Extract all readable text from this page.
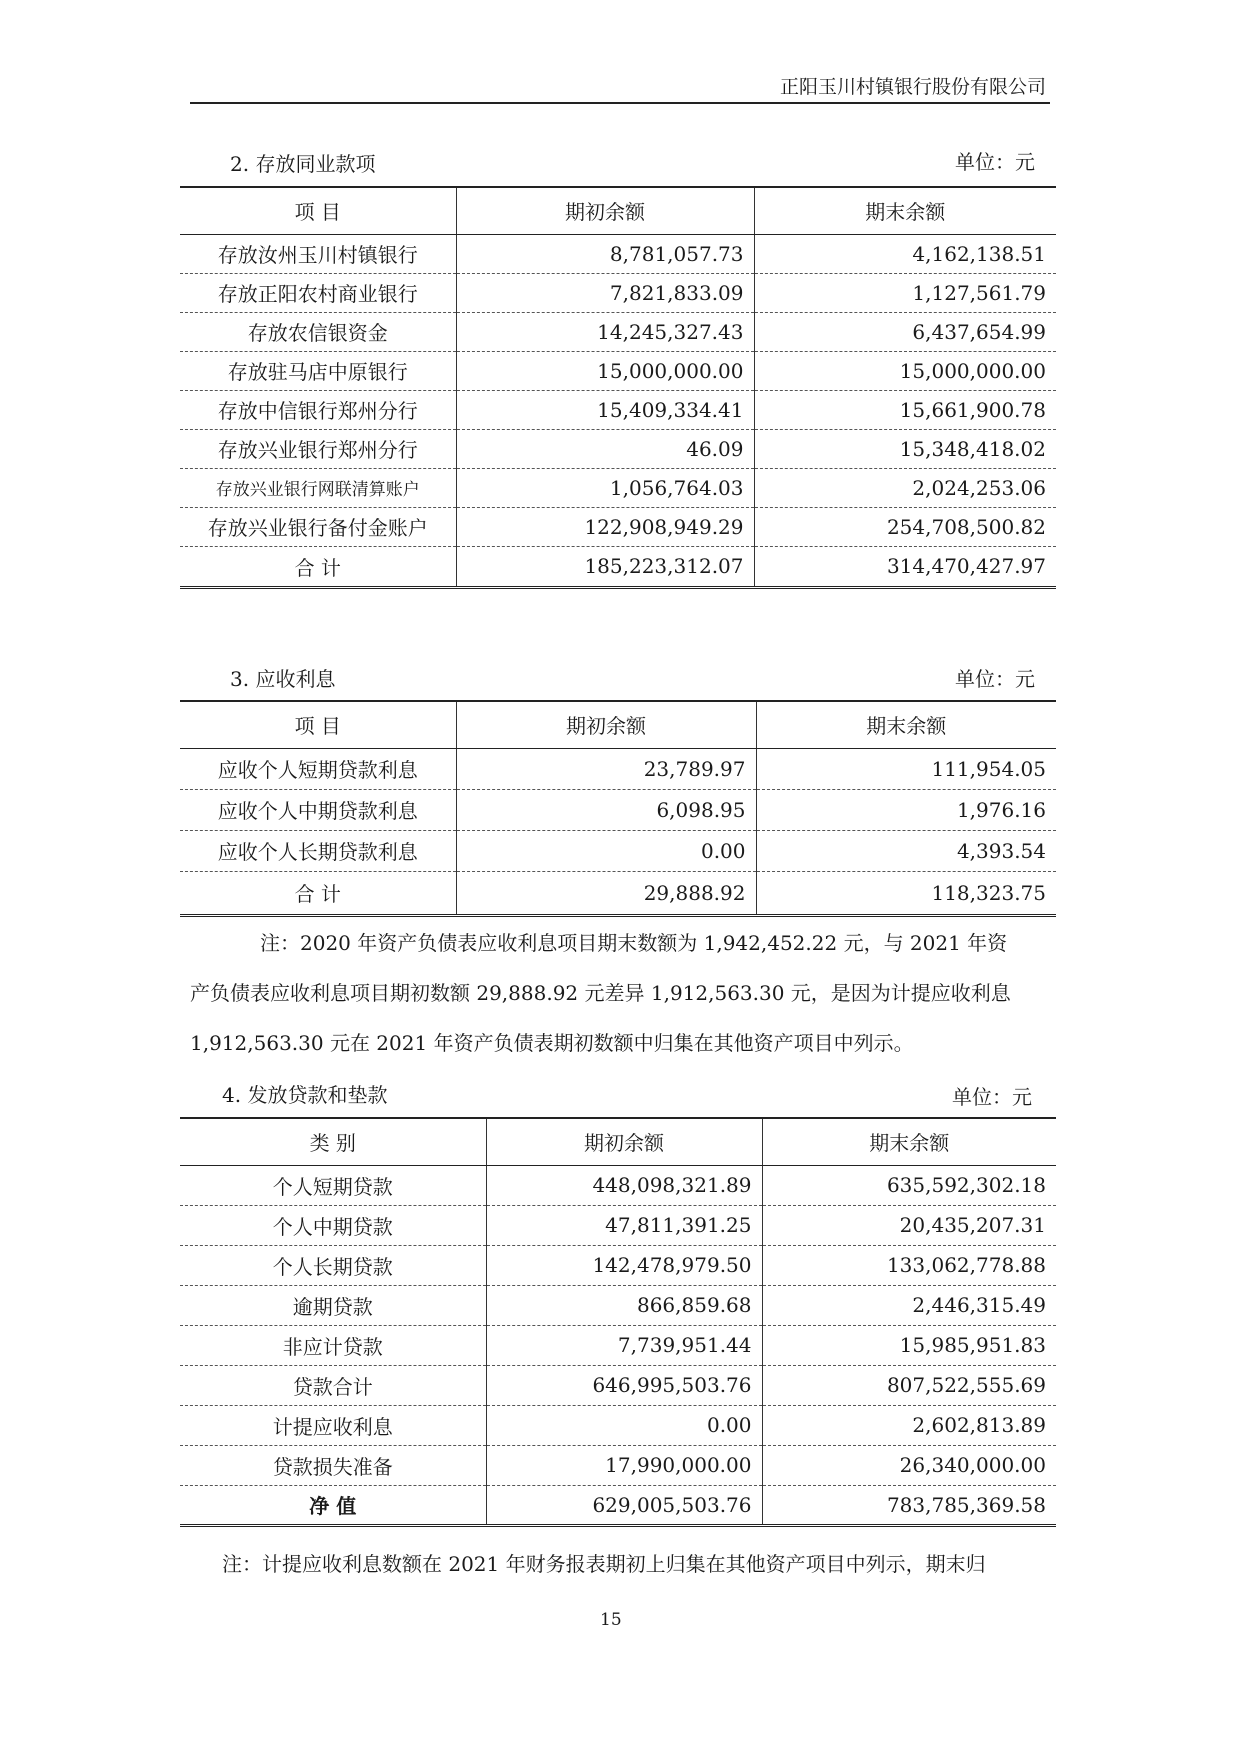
正阳玉川村镇银行股份有限公司
2. 存放同业款项	单位：元
项 目	期初余额	期末余额
存放汝州玉川村镇银行	8,781,057.73	4,162,138.51
存放正阳农村商业银行	7,821,833.09	1,127,561.79
存放农信银资金	14,245,327.43	6,437,654.99
存放驻马店中原银行	15,000,000.00	15,000,000.00
存放中信银行郑州分行	15,409,334.41	15,661,900.78
存放兴业银行郑州分行	46.09	15,348,418.02
存放兴业银行网联清算账户	1,056,764.03	2,024,253.06
存放兴业银行备付金账户	122,908,949.29	254,708,500.82
合 计	185,223,312.07	314,470,427.97
3. 应收利息	单位：元
项 目	期初余额	期末余额
应收个人短期贷款利息	23,789.97	111,954.05
应收个人中期贷款利息	6,098.95	1,976.16
应收个人长期贷款利息	0.00	4,393.54
合 计	29,888.92	118,323.75
注：2020 年资产负债表应收利息项目期末数额为 1,942,452.22 元，与 2021 年资
产负债表应收利息项目期初数额 29,888.92 元差异 1,912,563.30 元，是因为计提应收利息
1,912,563.30 元在 2021 年资产负债表期初数额中归集在其他资产项目中列示。
4. 发放贷款和垫款	单位：元
类 别	期初余额	期末余额
个人短期贷款	448,098,321.89	635,592,302.18
个人中期贷款	47,811,391.25	20,435,207.31
个人长期贷款	142,478,979.50	133,062,778.88
逾期贷款	866,859.68	2,446,315.49
非应计贷款	7,739,951.44	15,985,951.83
贷款合计	646,995,503.76	807,522,555.69
计提应收利息	0.00	2,602,813.89
贷款损失准备	17,990,000.00	26,340,000.00
净 值	629,005,503.76	783,785,369.58
注：计提应收利息数额在 2021 年财务报表期初上归集在其他资产项目中列示，期末归
15
